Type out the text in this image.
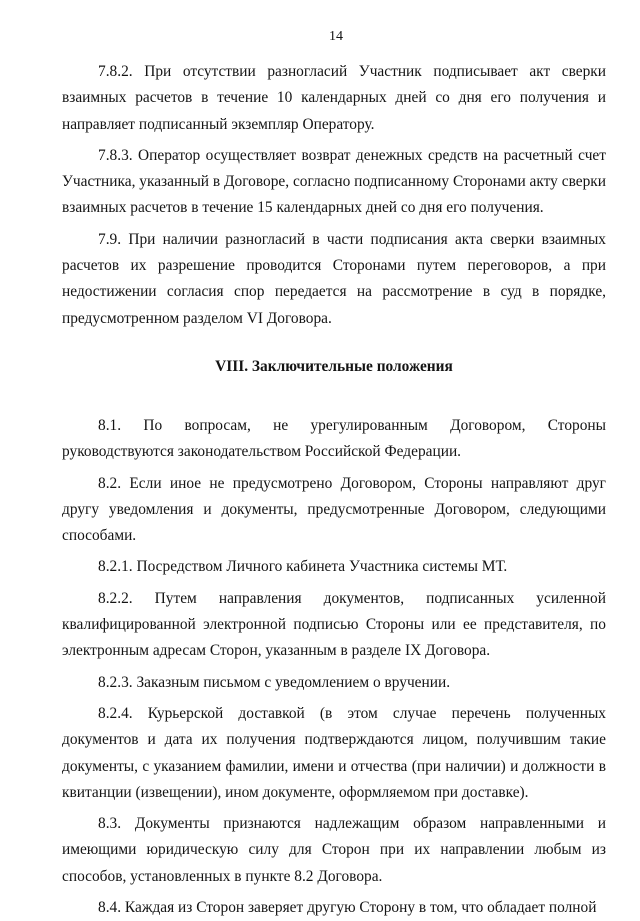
14

7.8.2. При отсутствии разногласий Участник подписывает акт сверки взаимных расчетов в течение 10 календарных дней со дня его получения и направляет подписанный экземпляр Оператору.

7.8.3. Оператор осуществляет возврат денежных средств на расчетный счет Участника, указанный в Договоре, согласно подписанному Сторонами акту сверки взаимных расчетов в течение 15 календарных дней со дня его получения.

7.9. При наличии разногласий в части подписания акта сверки взаимных расчетов их разрешение проводится Сторонами путем переговоров, а при недостижении согласия спор передается на рассмотрение в суд в порядке, предусмотренном разделом VI Договора.

VIII. Заключительные положения

8.1. По вопросам, не урегулированным Договором, Стороны руководствуются законодательством Российской Федерации.

8.2. Если иное не предусмотрено Договором, Стороны направляют друг другу уведомления и документы, предусмотренные Договором, следующими способами.

8.2.1. Посредством Личного кабинета Участника системы МТ.

8.2.2. Путем направления документов, подписанных усиленной квалифицированной электронной подписью Стороны или ее представителя, по электронным адресам Сторон, указанным в разделе IX Договора.

8.2.3. Заказным письмом с уведомлением о вручении.

8.2.4. Курьерской доставкой (в этом случае перечень полученных документов и дата их получения подтверждаются лицом, получившим такие документы, с указанием фамилии, имени и отчества (при наличии) и должности в квитанции (извещении), ином документе, оформляемом при доставке).

8.3. Документы признаются надлежащим образом направленными и имеющими юридическую силу для Сторон при их направлении любым из способов, установленных в пункте 8.2 Договора.

8.4. Каждая из Сторон заверяет другую Сторону в том, что обладает полной
